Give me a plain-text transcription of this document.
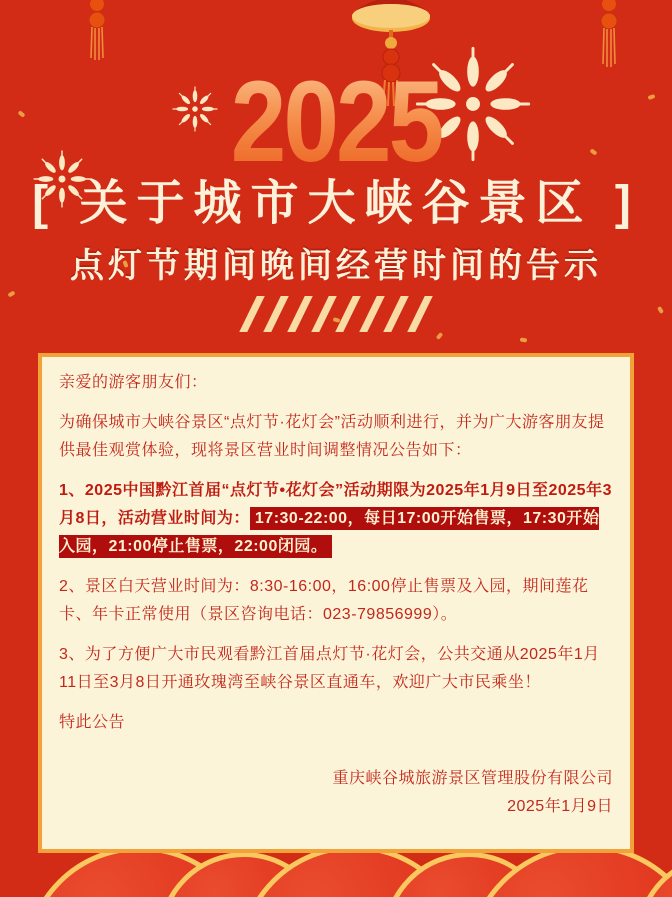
2025
[ 关于城市大峡谷景区 ]
点灯节期间晚间经营时间的告示

亲爱的游客朋友们：

为确保城市大峡谷景区“点灯节·花灯会”活动顺利进行，并为广大游客朋友提供最佳观赏体验，现将景区营业时间调整情况公告如下：

1、2025中国黔江首届“点灯节•花灯会”活动期限为2025年1月9日至2025年3月8日，活动营业时间为： 17:30-22:00，每日17:00开始售票，17:30开始入园，21:00停止售票，22:00闭园。

2、景区白天营业时间为：8:30-16:00，16:00停止售票及入园，期间莲花卡、年卡正常使用（景区咨询电话：023-79856999）。

3、为了方便广大市民观看黔江首届点灯节·花灯会，公共交通从2025年1月11日至3月8日开通玫瑰湾至峡谷景区直通车，欢迎广大市民乘坐！

特此公告

重庆峡谷城旅游景区管理股份有限公司
2025年1月9日
